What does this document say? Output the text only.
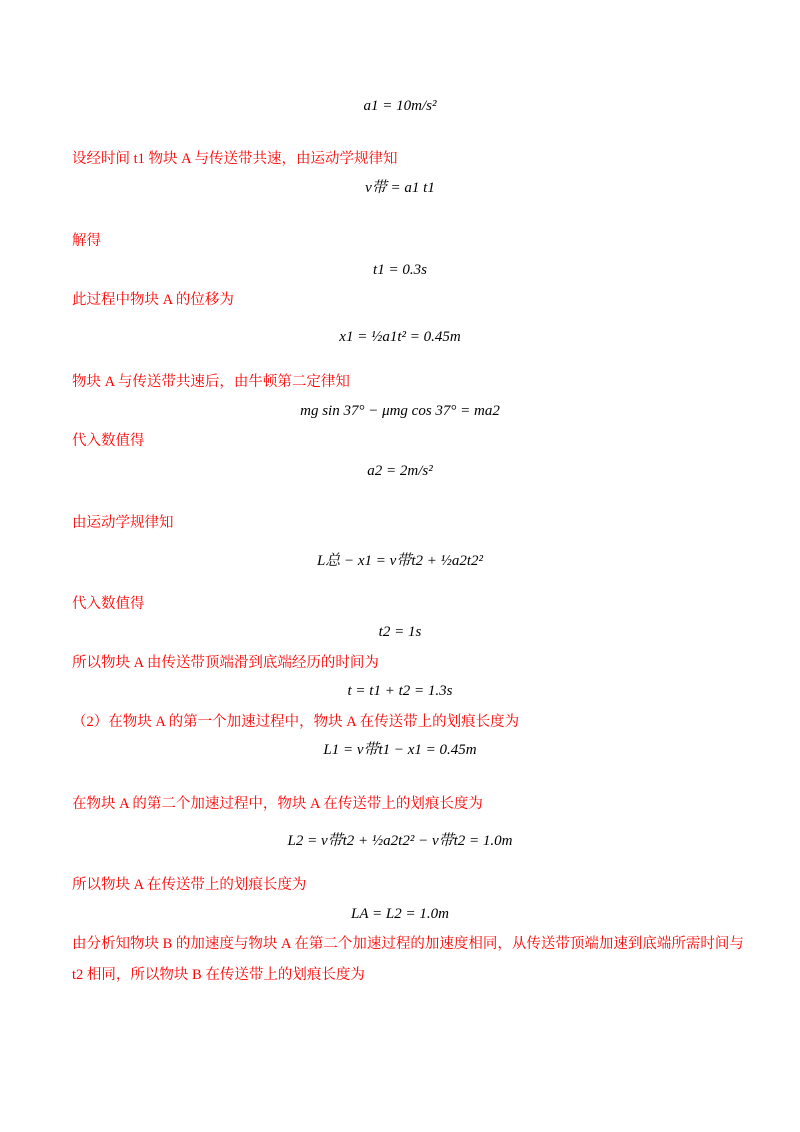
a1 = 10m/s²
设经时间 t1 物块 A 与传送带共速，由运动学规律知
v带 = a1 t1
解得
t1 = 0.3s
此过程中物块 A 的位移为
x1 = ½a1t² = 0.45m
物块 A 与传送带共速后，由牛顿第二定律知
mg sin 37° − μmg cos 37° = ma2
代入数值得
a2 = 2m/s²
由运动学规律知
L总 − x1 = v带t2 + ½a2t2²
代入数值得
t2 = 1s
所以物块 A 由传送带顶端滑到底端经历的时间为
t = t1 + t2 = 1.3s
（2）在物块 A 的第一个加速过程中，物块 A 在传送带上的划痕长度为
L1 = v带t1 − x1 = 0.45m
在物块 A 的第二个加速过程中，物块 A 在传送带上的划痕长度为
L2 = v带t2 + ½a2t2² − v带t2 = 1.0m
所以物块 A 在传送带上的划痕长度为
LA = L2 = 1.0m
由分析知物块 B 的加速度与物块 A 在第二个加速过程的加速度相同，从传送带顶端加速到底端所需时间与
t2 相同，所以物块 B 在传送带上的划痕长度为
